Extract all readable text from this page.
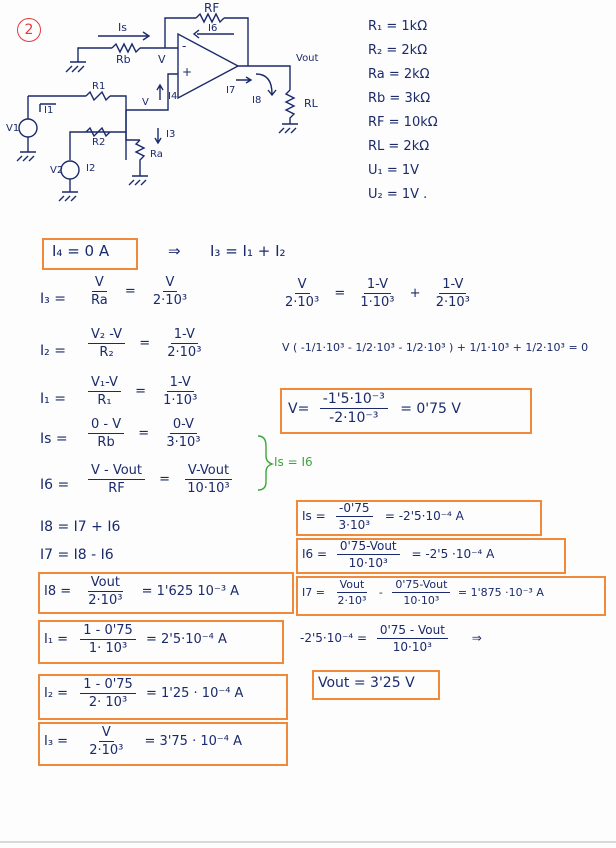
2
RF
I6
Is
Rb V
-
+
Vout
I7
I8	RL
R1
I1
V1
V
I4
I3
Ra
R2
V2 I2
R₁ = 1kΩ
R₂ = 2kΩ
Ra = 2kΩ
Rb = 3kΩ
RF = 10kΩ
RL = 2kΩ
U₁ = 1V
U₂ = 1V .
I₄ = 0 A	⇒ I₃ = I₁ + I₂
$I_3 = \frac{V}{Ra} = \frac{V}{\text{2·10³}}$	$\frac{V}{\text{2·10³}} = \frac{1-V}{\text{1·10³}} + \frac{1-V}{\text{2·10³}}$
$I_2 = \frac{\text{V₂ -V}}{\text{R₂}} = \frac{1-V}{\text{2·10³}}$	V ( -1/1·10³ - 1/2·10³ - 1/2·10³ ) + 1/1·10³ + 1/2·10³ = 0
$I_1 = \frac{\text{V₁-V}}{\text{R₁}} = \frac{1-V}{\text{1·10³}}$
$V= \frac{\text{-1'5·10⁻³}}{\text{-2·10⁻³}} = 0'75$ V
$Is = \frac{0 - V}{Rb} = \frac{0-V}{\text{3·10³}}$
$I6 = \frac{\text{V - Vout}}{RF} = \frac{\text{V-Vout}}{\text{10·10³}}$
Is = I6
I8 = I7 + I6
I7 = I8 - I6
$Is = \frac{-0'75}{\text{3·10³}} = -2'5\cdot 10^{-4}$ A
$I6 = \frac{\text{0'75-Vout}}{\text{10·10³}} = -2'5 \cdot 10^{-4}$ A
$I8 = \frac{\text{Vout}}{\text{2·10³}} = 1'625$ 10⁻³ A	$I7 = \frac{\text{Vout}}{\text{2·10³}} - \frac{\text{0'75-Vout}}{\text{10·10³}} = 1'875 \cdot 10^{-3}$ A
$I_1 = \frac{1 - 0'75}{\text{1· 10³}} = 2'5\cdot 10^{-4}$ A	$-2'5\cdot 10^{-4} = \frac{\text{0'75 - Vout}}{\text{10·10³}}$ ⇒
Vout = 3'25 V
$I_2 = \frac{1 - 0'75}{\text{2· 10³}} = 1'25 \cdot 10^{-4}$ A
$I_3 = \frac{V}{\text{2·10³}} = 3'75 \cdot 10^{-4}$ A
